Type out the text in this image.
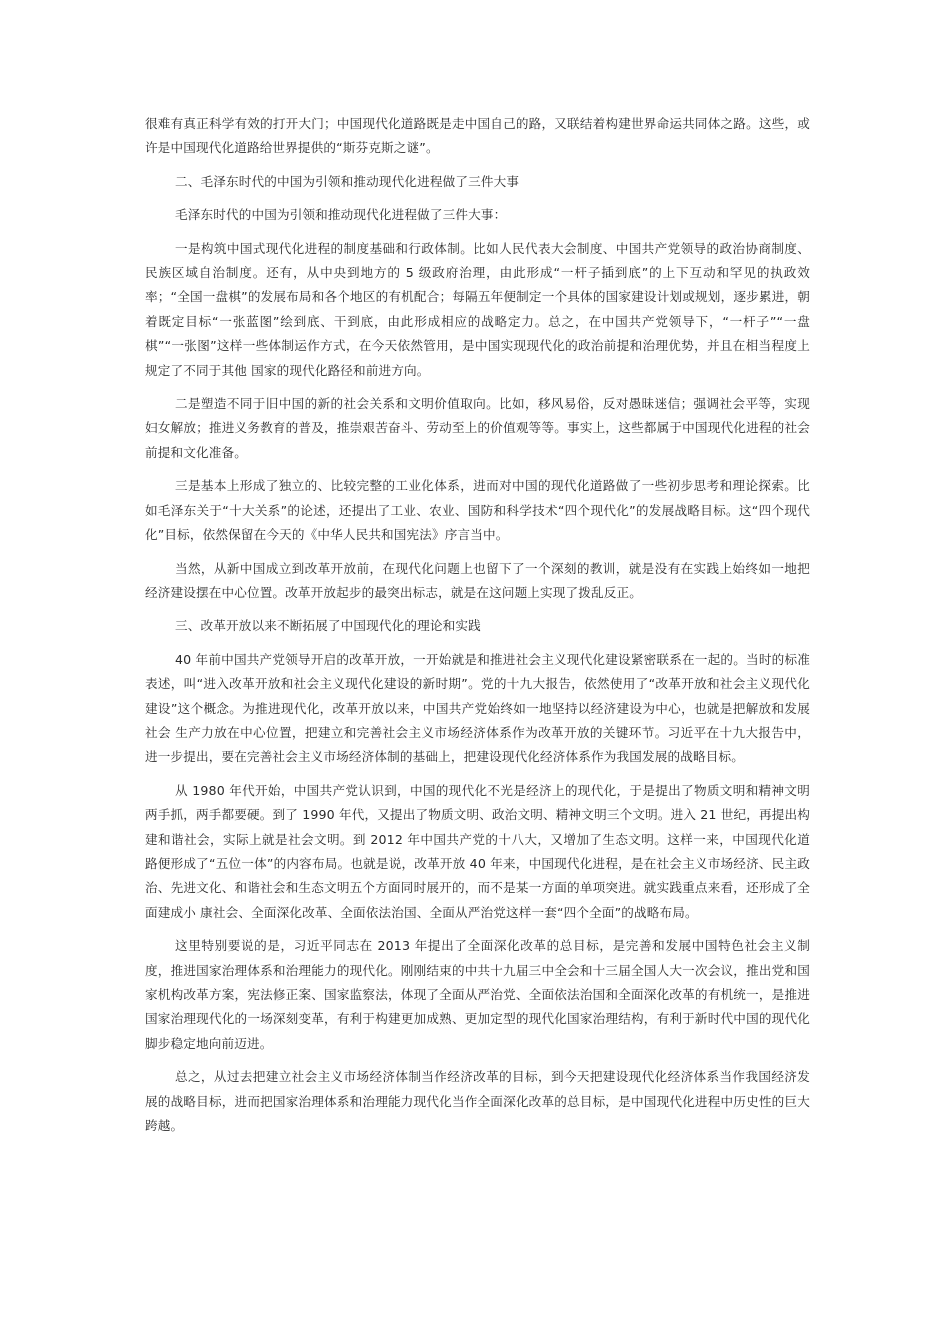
很难有真正科学有效的打开大门；中国现代化道路既是走中国自己的路，又联结着构建世界命运共同体之路。这些，或许是中国现代化道路给世界提供的“斯芬克斯之谜”。

二、毛泽东时代的中国为引领和推动现代化进程做了三件大事

毛泽东时代的中国为引领和推动现代化进程做了三件大事：

一是构筑中国式现代化进程的制度基础和行政体制。比如人民代表大会制度、中国共产党领导的政治协商制度、 民族区域自治制度。还有，从中央到地方的 5 级政府治理，由此形成“一杆子插到底”的上下互动和罕见的执政效率；“全国一盘棋”的发展布局和各个地区的有机配合；每隔五年便制定一个具体的国家建设计划或规划，逐步累进，朝着既定目标“一张蓝图”绘到底、干到底，由此形成相应的战略定力。总之，在中国共产党领导下，“一杆子”“一盘棋”“一张图”这样一些体制运作方式，在今天依然管用，是中国实现现代化的政治前提和治理优势，并且在相当程度上规定了不同于其他 国家的现代化路径和前进方向。

二是塑造不同于旧中国的新的社会关系和文明价值取向。比如，移风易俗，反对愚昧迷信；强调社会平等，实现 妇女解放；推进义务教育的普及，推崇艰苦奋斗、劳动至上的价值观等等。事实上，这些都属于中国现代化进程的社会 前提和文化准备。

三是基本上形成了独立的、比较完整的工业化体系，进而对中国的现代化道路做了一些初步思考和理论探索。比如毛泽东关于“十大关系”的论述，还提出了工业、农业、国防和科学技术“四个现代化”的发展战略目标。这“四个现代化”目标，依然保留在今天的《中华人民共和国宪法》序言当中。

当然，从新中国成立到改革开放前，在现代化问题上也留下了一个深刻的教训，就是没有在实践上始终如一地把经济建设摆在中心位置。改革开放起步的最突出标志，就是在这问题上实现了拨乱反正。

三、改革开放以来不断拓展了中国现代化的理论和实践

40 年前中国共产党领导开启的改革开放，一开始就是和推进社会主义现代化建设紧密联系在一起的。当时的标准 表述，叫“进入改革开放和社会主义现代化建设的新时期”。党的十九大报告，依然使用了“改革开放和社会主义现代化建设”这个概念。为推进现代化，改革开放以来，中国共产党始终如一地坚持以经济建设为中心，也就是把解放和发展社会 生产力放在中心位置，把建立和完善社会主义市场经济体系作为改革开放的关键环节。习近平在十九大报告中，进一步提出，要在完善社会主义市场经济体制的基础上，把建设现代化经济体系作为我国发展的战略目标。

从 1980 年代开始，中国共产党认识到，中国的现代化不光是经济上的现代化，于是提出了物质文明和精神文明两手抓，两手都要硬。到了 1990 年代，又提出了物质文明、政治文明、精神文明三个文明。进入 21 世纪，再提出构建和谐社会，实际上就是社会文明。到 2012 年中国共产党的十八大，又增加了生态文明。这样一来，中国现代化道路便形成了“五位一体”的内容布局。也就是说，改革开放 40 年来，中国现代化进程，是在社会主义市场经济、民主政治、先进文化、和谐社会和生态文明五个方面同时展开的，而不是某一方面的单项突进。就实践重点来看，还形成了全面建成小 康社会、全面深化改革、全面依法治国、全面从严治党这样一套“四个全面”的战略布局。

这里特别要说的是，习近平同志在 2013 年提出了全面深化改革的总目标，是完善和发展中国特色社会主义制度，推进国家治理体系和治理能力的现代化。刚刚结束的中共十九届三中全会和十三届全国人大一次会议，推出党和国家机构改革方案，宪法修正案、国家监察法，体现了全面从严治党、全面依法治国和全面深化改革的有机统一，是推进国家治理现代化的一场深刻变革，有利于构建更加成熟、更加定型的现代化国家治理结构，有利于新时代中国的现代化脚步稳定地向前迈进。

总之，从过去把建立社会主义市场经济体制当作经济改革的目标，到今天把建设现代化经济体系当作我国经济发 展的战略目标，进而把国家治理体系和治理能力现代化当作全面深化改革的总目标，是中国现代化进程中历史性的巨大跨越。
